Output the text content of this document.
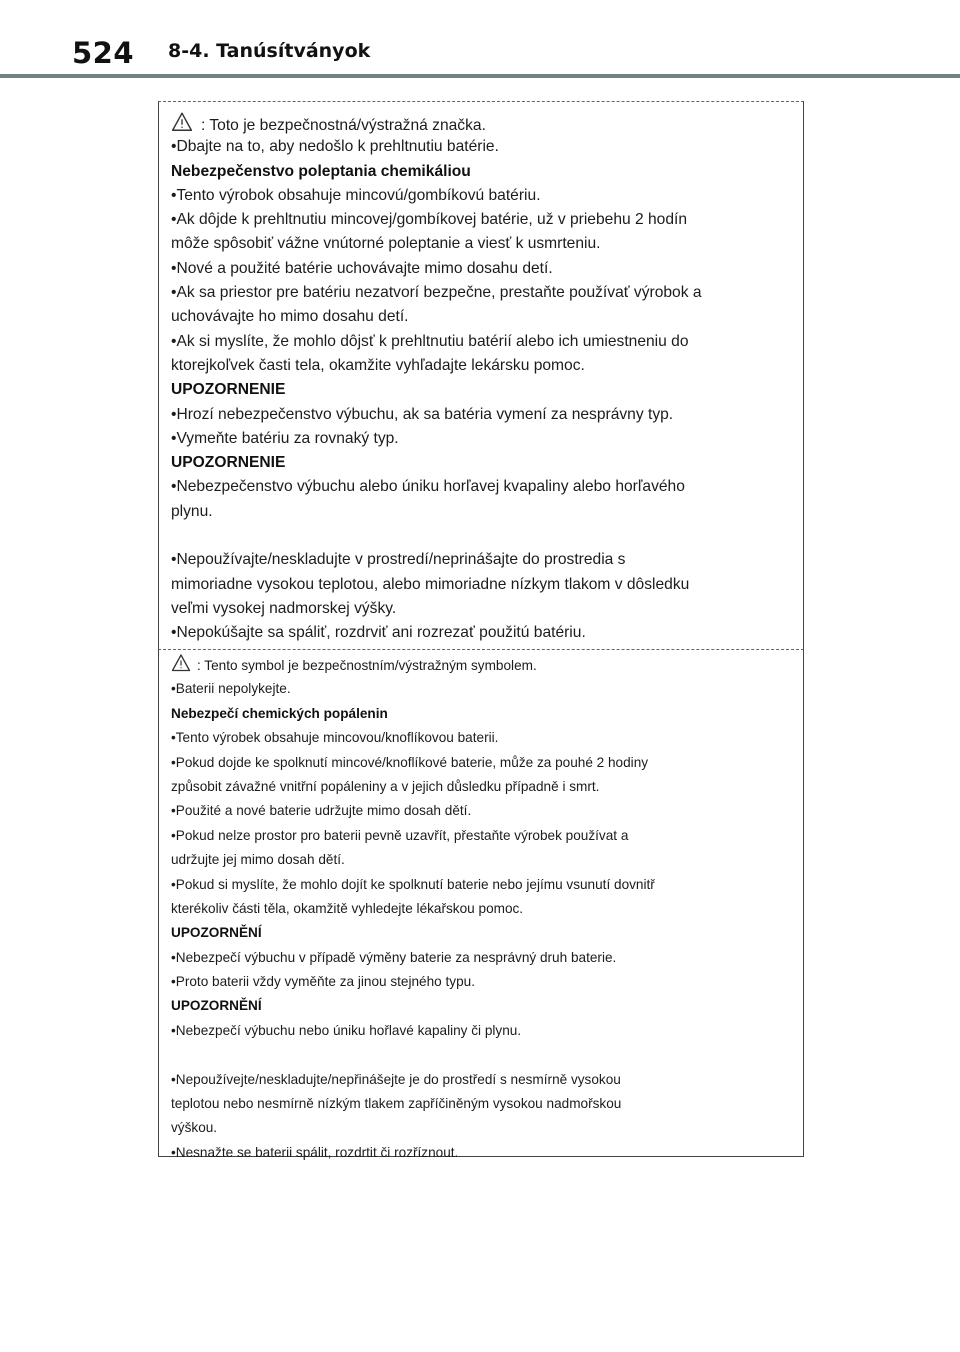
524 8-4. Tanúsítványok
: Toto je bezpečnostná/výstražná značka.
•Dbajte na to, aby nedošlo k prehltnutiu batérie.
Nebezpečenstvo poleptania chemikáliou
•Tento výrobok obsahuje mincovú/gombíkovú batériu.
•Ak dôjde k prehltnutiu mincovej/gombíkovej batérie, už v priebehu 2 hodín
môže spôsobiť vážne vnútorné poleptanie a viesť k usmrteniu.
•Nové a použité batérie uchovávajte mimo dosahu detí.
•Ak sa priestor pre batériu nezatvorí bezpečne, prestaňte používať výrobok a
uchovávajte ho mimo dosahu detí.
•Ak si myslíte, že mohlo dôjsť k prehltnutiu batérií alebo ich umiestneniu do
ktorejkoľvek časti tela, okamžite vyhľadajte lekársku pomoc.
UPOZORNENIE
•Hrozí nebezpečenstvo výbuchu, ak sa batéria vymení za nesprávny typ.
•Vymeňte batériu za rovnaký typ.
UPOZORNENIE
•Nebezpečenstvo výbuchu alebo úniku horľavej kvapaliny alebo horľavého
plynu.
•Nepoužívajte/neskladujte v prostredí/neprinášajte do prostredia s
mimoriadne vysokou teplotou, alebo mimoriadne nízkym tlakom v dôsledku
veľmi vysokej nadmorskej výšky.
•Nepokúšajte sa spáliť, rozdrviť ani rozrezať použitú batériu.
: Tento symbol je bezpečnostním/výstražným symbolem.
•Baterii nepolykejte.
Nebezpečí chemických popálenin
•Tento výrobek obsahuje mincovou/knoflíkovou baterii.
•Pokud dojde ke spolknutí mincové/knoflíkové baterie, může za pouhé 2 hodiny
způsobit závažné vnitřní popáleniny a v jejich důsledku případně i smrt.
•Použité a nové baterie udržujte mimo dosah dětí.
•Pokud nelze prostor pro baterii pevně uzavřít, přestaňte výrobek používat a
udržujte jej mimo dosah dětí.
•Pokud si myslíte, že mohlo dojít ke spolknutí baterie nebo jejímu vsunutí dovnitř
kterékoliv části těla, okamžitě vyhledejte lékařskou pomoc.
UPOZORNĚNÍ
•Nebezpečí výbuchu v případě výměny baterie za nesprávný druh baterie.
•Proto baterii vždy vyměňte za jinou stejného typu.
UPOZORNĚNÍ
•Nebezpečí výbuchu nebo úniku hořlavé kapaliny či plynu.
•Nepoužívejte/neskladujte/nepřinášejte je do prostředí s nesmírně vysokou
teplotou nebo nesmírně nízkým tlakem zapříčiněným vysokou nadmořskou
výškou.
•Nesnažte se baterii spálit, rozdrtit či rozříznout.
